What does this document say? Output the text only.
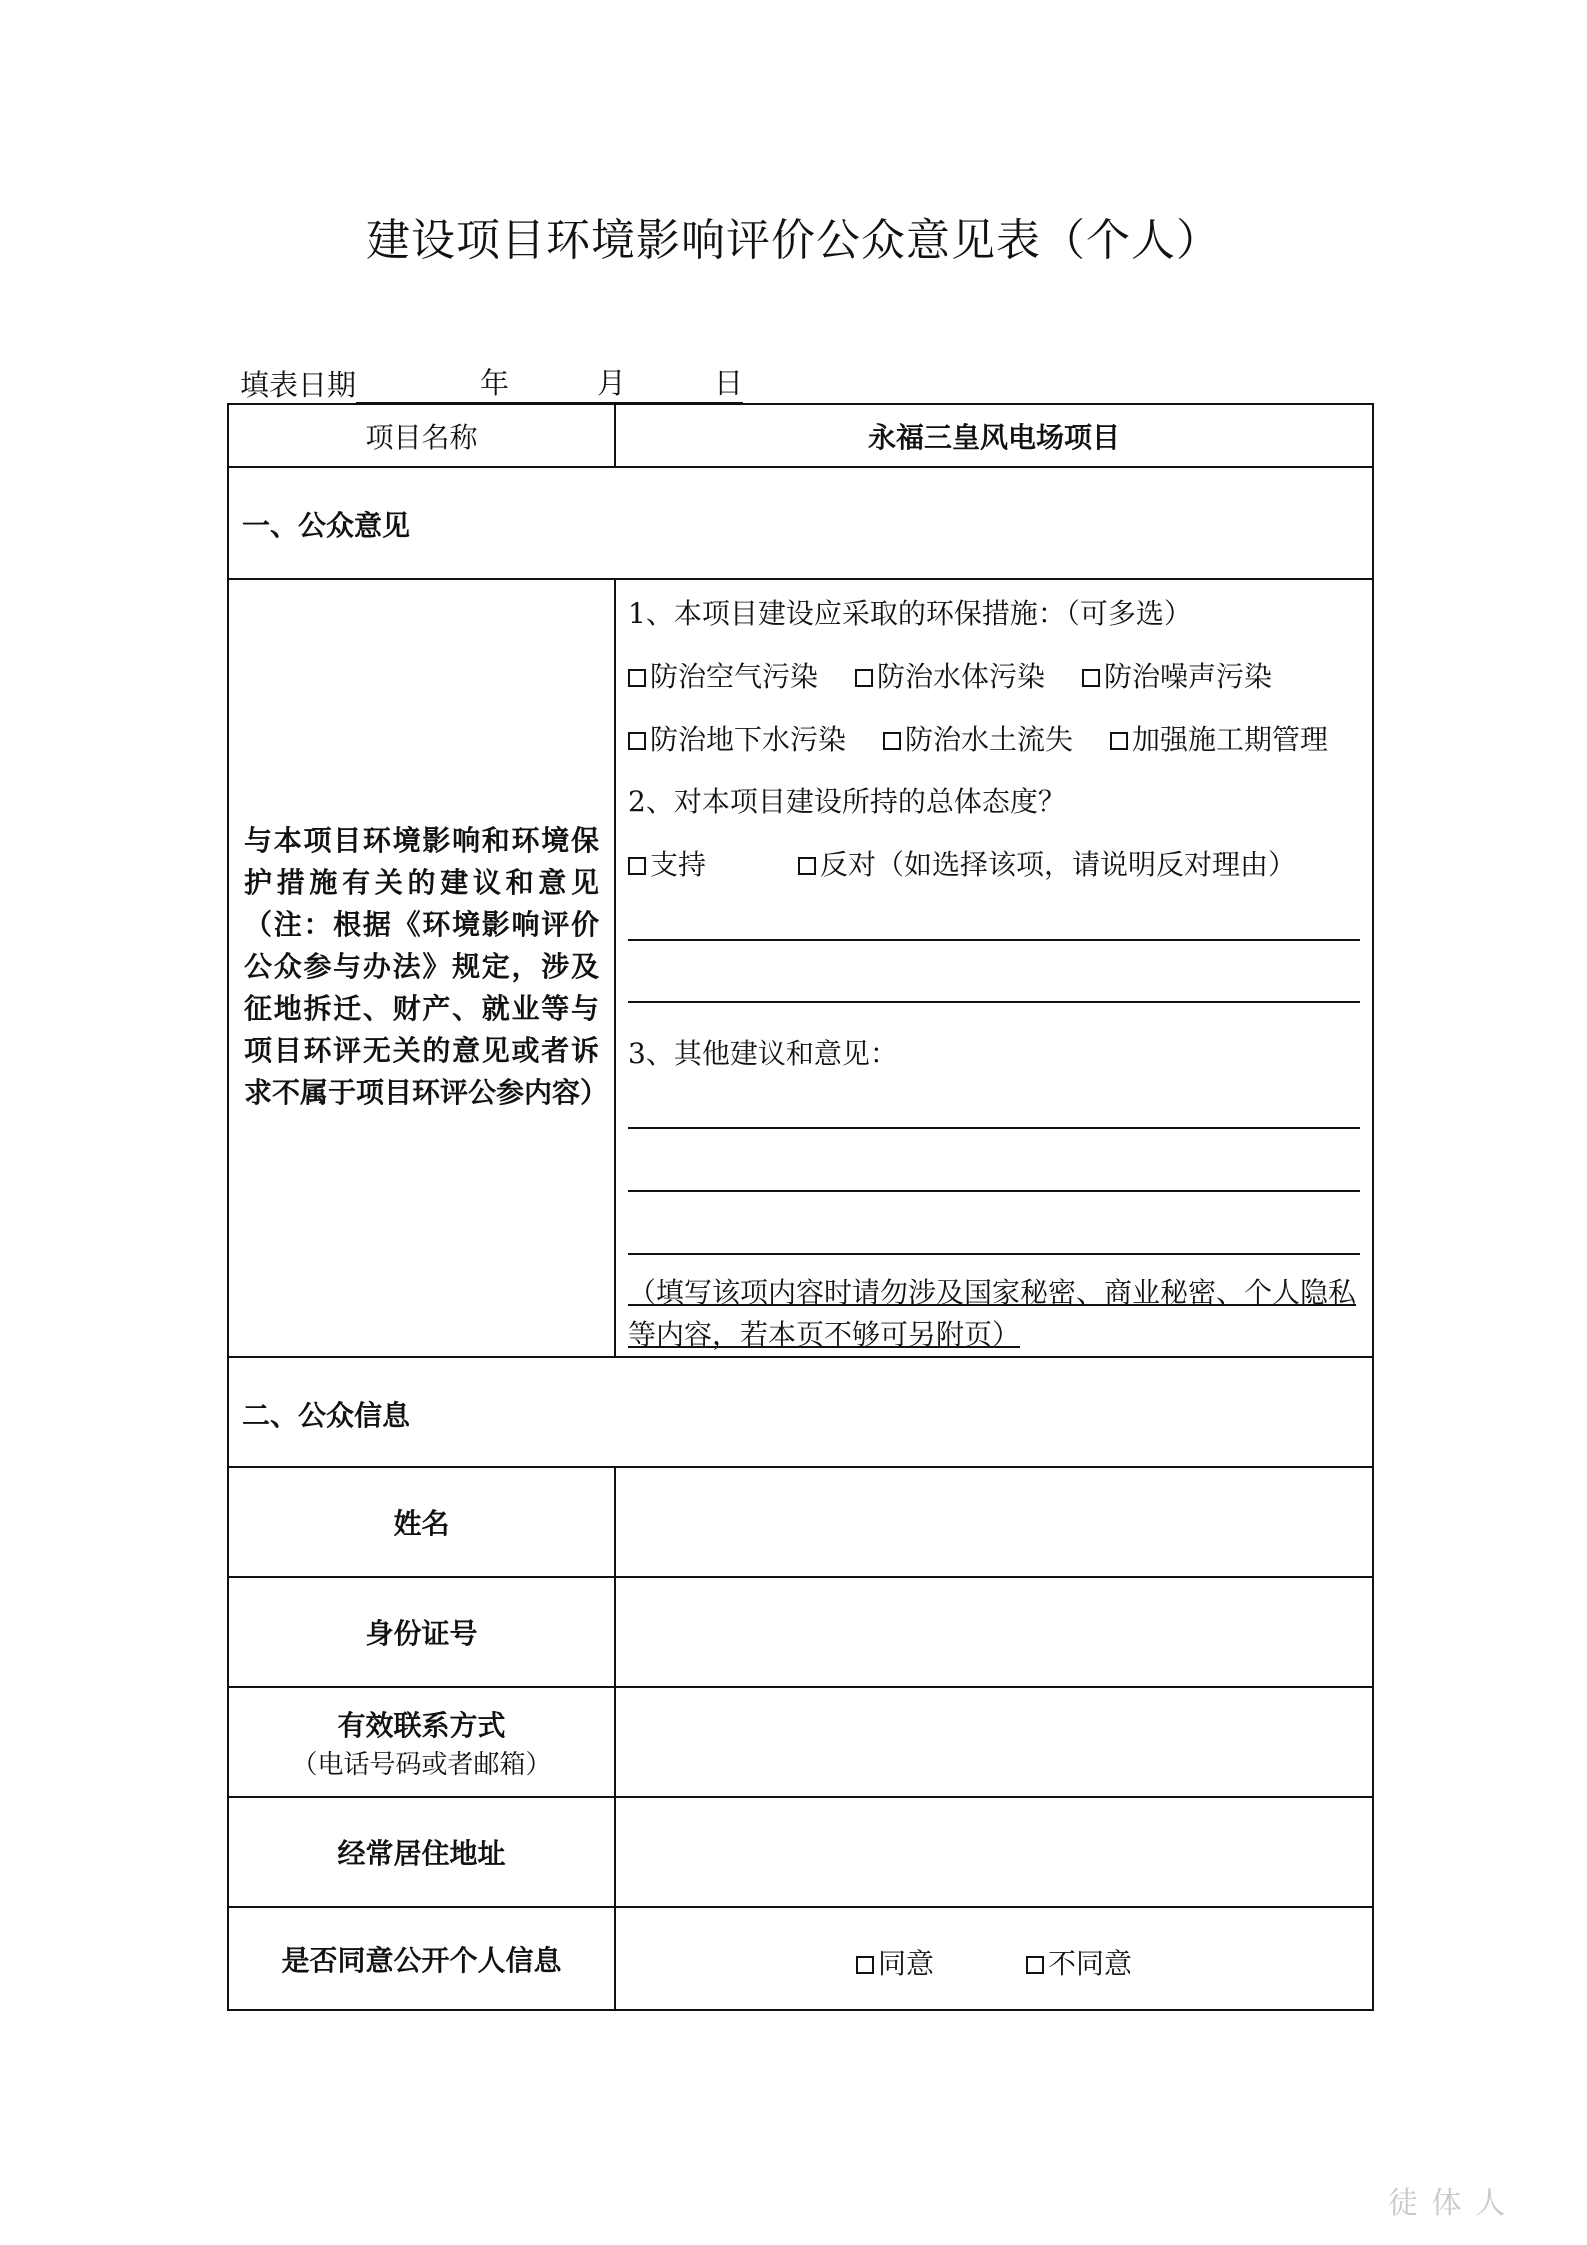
建设项目环境影响评价公众意见表（个人）
填表日期	年	月	日
项目名称	永福三皇风电场项目
一、公众意见
与本项目环境影响和环境保护措施有关的建议和意见（注：根据《环境影响评价公众参与办法》规定，涉及征地拆迁、财产、就业等与项目环评无关的意见或者诉求不属于项目环评公参内容）
1、本项目建设应采取的环保措施：（可多选）
防治空气污染	防治水体污染	防治噪声污染
防治地下水污染	防治水土流失	加强施工期管理
2、对本项目建设所持的总体态度？
支持	反对（如选择该项，请说明反对理由）
3、其他建议和意见：
（填写该项内容时请勿涉及国家秘密、商业秘密、个人隐私等内容，若本页不够可另附页）
二、公众信息
姓名
身份证号
有效联系方式
（电话号码或者邮箱）
经常居住地址
是否同意公开个人信息	同意	不同意
徒 体 人
